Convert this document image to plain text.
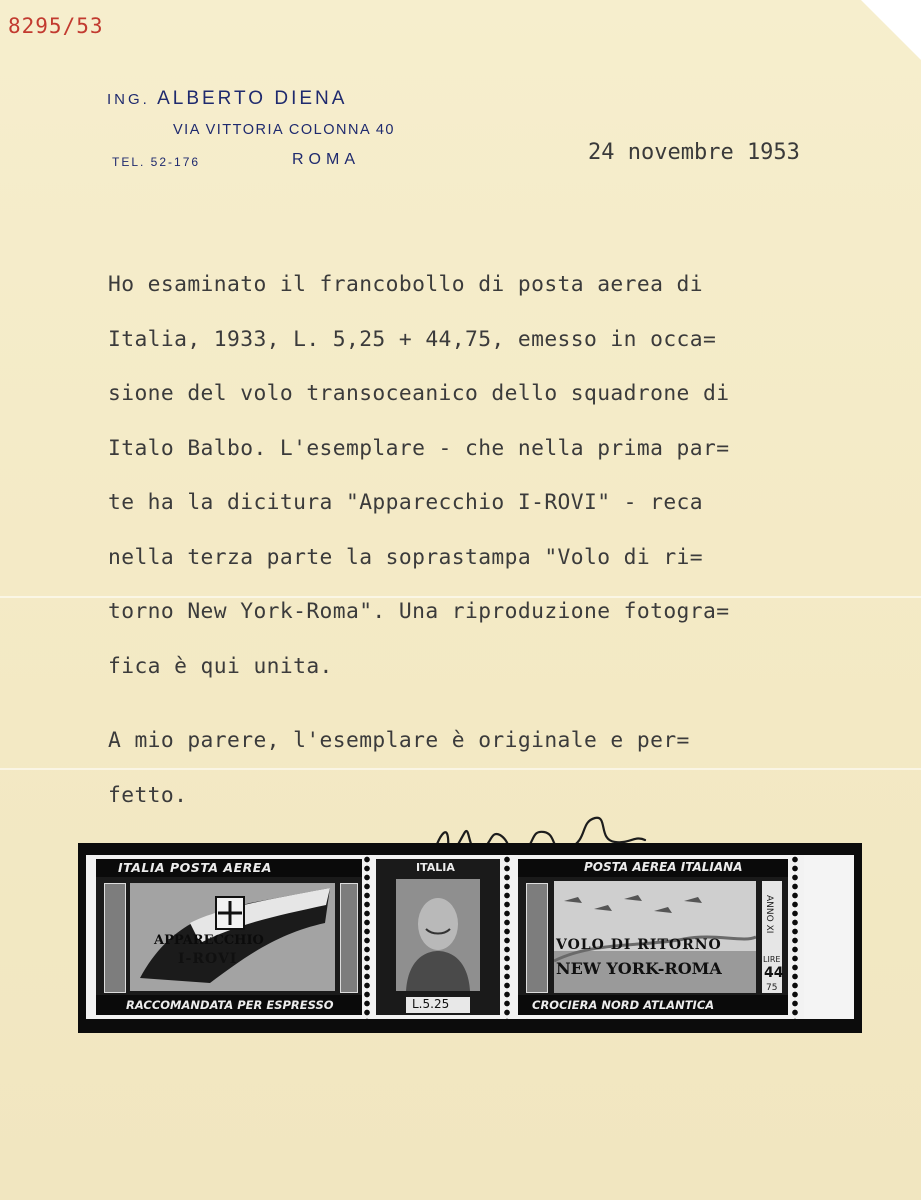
8295/53
ING. ALBERTO DIENA
VIA VITTORIA COLONNA 40
TEL. 52-176	ROMA	24 novembre 1953
Ho esaminato il francobollo di posta aerea di
Italia, 1933, L. 5,25 + 44,75, emesso in occa=
sione del volo transoceanico dello squadrone di
Italo Balbo. L'esemplare - che nella prima par=
te ha la dicitura "Apparecchio I-ROVI" - reca
nella terza parte la soprastampa "Volo di ri=
torno New York-Roma". Una riproduzione fotogra=
fica è qui unita.
A mio parere, l'esemplare è originale e per=
fetto.
ITALIA POSTA AEREA
APPARECCHIO
I-ROVI
RACCOMANDATA PER ESPRESSO
ITALIA
L.5.25
POSTA AEREA ITALIANA
VOLO DI RITORNO
NEW YORK-ROMA
ANNO XI
LIRE
44
75
CROCIERA NORD ATLANTICA
